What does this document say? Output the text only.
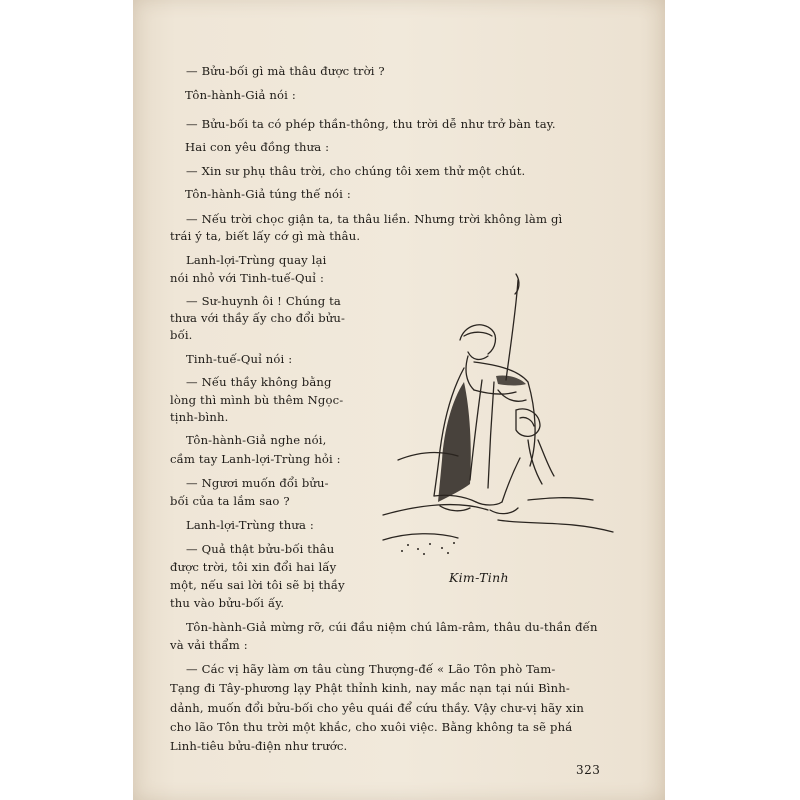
— Bửu-bối gì mà thâu được trời ?
Tôn-hành-Giả nói :
— Bửu-bối ta có phép thần-thông, thu trời dễ như trở bàn tay.
Hai con yêu đồng thưa :
— Xin sư phụ thâu trời, cho chúng tôi xem thử một chút.
Tôn-hành-Giả túng thế nói :
— Nếu trời chọc giận ta, ta thâu liền. Nhưng trời không làm gì
trái ý ta, biết lấy cớ gì mà thâu.
Lanh-lợi-Trùng quay lại
nói nhỏ với Tinh-tuế-Quỉ :
— Sư-huynh ôi ! Chúng ta
thưa với thầy ấy cho đổi bửu-
bối.
Tinh-tuế-Quỉ nói :
— Nếu thầy không bằng
lòng thì mình bù thêm Ngọc-
tịnh-bình.
Tôn-hành-Giả nghe nói,
cầm tay Lanh-lợi-Trùng hỏi :
— Ngươi muốn đổi bửu-
bối của ta lắm sao ?
Lanh-lợi-Trùng thưa :
— Quả thật bửu-bối thâu
được trời, tôi xin đổi hai lấy
một, nếu sai lời tôi sẽ bị thầy
thu vào bửu-bối ấy.
Tôn-hành-Giả mừng rỡ, cúi đầu niệm chú lâm-râm, thâu du-thần đến
và vải thẩm :
— Các vị hãy làm ơn tâu cùng Thượng-đế « Lão Tôn phò Tam-
Tạng đi Tây-phương lạy Phật thỉnh kinh, nay mắc nạn tại núi Bình-
dảnh, muốn đổi bửu-bối cho yêu quái để cứu thầy. Vậy chư-vị hãy xin
cho lão Tôn thu trời một khắc, cho xuôi việc. Bằng không ta sẽ phá
Linh-tiêu bửu-điện như trước.
Kim-Tinh
323
